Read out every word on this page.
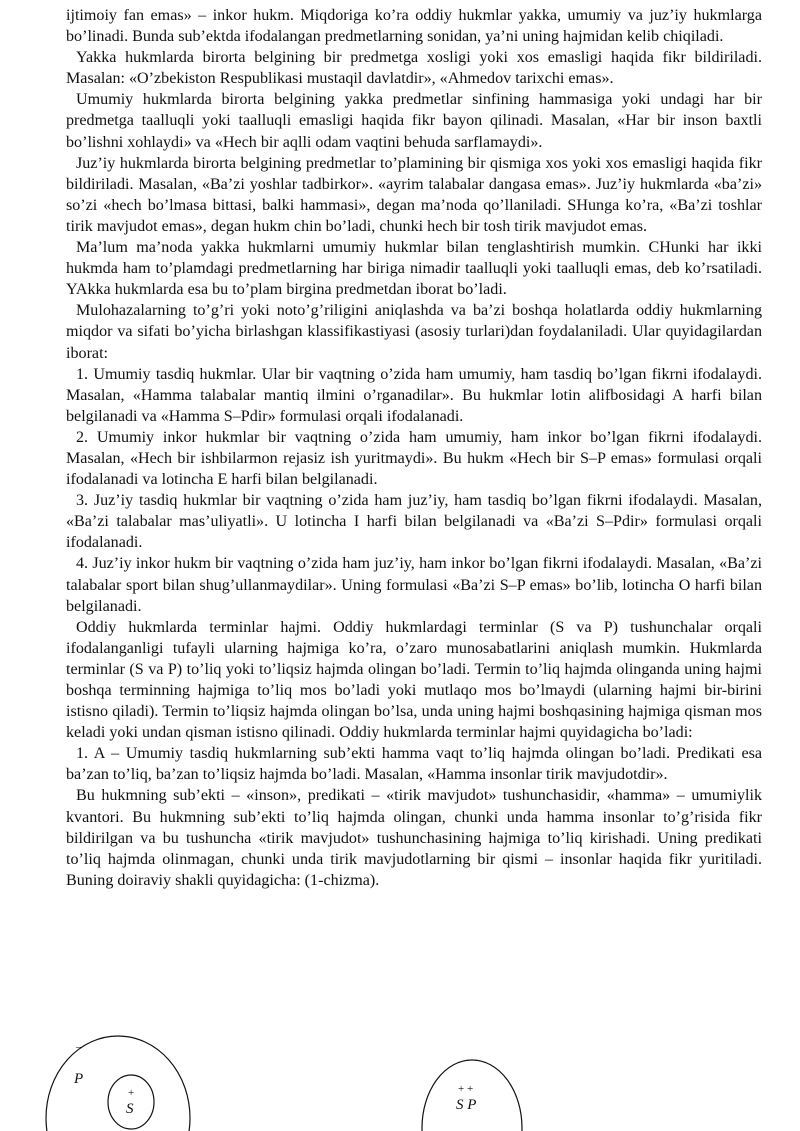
ijtimoiy fan emas» – inkor hukm. Miqdoriga ko’ra oddiy hukmlar yakka, umumiy va juz’iy hukmlarga bo’linadi. Bunda sub’ektda ifodalangan predmetlarning sonidan, ya’ni uning hajmidan kelib chiqiladi.

Yakka hukmlarda birorta belgining bir predmetga xosligi yoki xos emasligi haqida fikr bildiriladi. Masalan: «O’zbekiston Respublikasi mustaqil davlatdir», «Ahmedov tarixchi emas».

Umumiy hukmlarda birorta belgining yakka predmetlar sinfining hammasiga yoki undagi har bir predmetga taalluqli yoki taalluqli emasligi haqida fikr bayon qilinadi. Masalan, «Har bir inson baxtli bo’lishni xohlaydi» va «Hech bir aqlli odam vaqtini behuda sarflamaydi».

Juz’iy hukmlarda birorta belgining predmetlar to’plamining bir qismiga xos yoki xos emasligi haqida fikr bildiriladi. Masalan, «Ba’zi yoshlar tadbirkor». «ayrim talabalar dangasa emas». Juz’iy hukmlarda «ba’zi» so’zi «hech bo’lmasa bittasi, balki hammasi», degan ma’noda qo’llaniladi. SHunga ko’ra, «Ba’zi toshlar tirik mavjudot emas», degan hukm chin bo’ladi, chunki hech bir tosh tirik mavjudot emas.

Ma’lum ma’noda yakka hukmlarni umumiy hukmlar bilan tenglashtirish mumkin. CHunki har ikki hukmda ham to’plamdagi predmetlarning har biriga nimadir taalluqli yoki taalluqli emas, deb ko’rsatiladi. YAkka hukmlarda esa bu to’plam birgina predmetdan iborat bo’ladi.

Mulohazalarning to’g’ri yoki noto’g’riligini aniqlashda va ba’zi boshqa holatlarda oddiy hukmlarning miqdor va sifati bo’yicha birlashgan klassifikastiyasi (asosiy turlari)dan foydalaniladi. Ular quyidagilardan iborat:

1. Umumiy tasdiq hukmlar. Ular bir vaqtning o’zida ham umumiy, ham tasdiq bo’lgan fikrni ifodalaydi. Masalan, «Hamma talabalar mantiq ilmini o’rganadilar». Bu hukmlar lotin alifbosidagi A harfi bilan belgilanadi va «Hamma S–Pdir» formulasi orqali ifodalanadi.

2. Umumiy inkor hukmlar bir vaqtning o’zida ham umumiy, ham inkor bo’lgan fikrni ifodalaydi. Masalan, «Hech bir ishbilarmon rejasiz ish yuritmaydi». Bu hukm «Hech bir S–P emas» formulasi orqali ifodalanadi va lotincha E harfi bilan belgilanadi.

3. Juz’iy tasdiq hukmlar bir vaqtning o’zida ham juz’iy, ham tasdiq bo’lgan fikrni ifodalaydi. Masalan, «Ba’zi talabalar mas’uliyatli». U lotincha I harfi bilan belgilanadi va «Ba’zi S–Pdir» formulasi orqali ifodalanadi.

4. Juz’iy inkor hukm bir vaqtning o’zida ham juz’iy, ham inkor bo’lgan fikrni ifodalaydi. Masalan, «Ba’zi talabalar sport bilan shug’ullanmaydilar». Uning formulasi «Ba’zi S–P emas» bo’lib, lotincha O harfi bilan belgilanadi.

Oddiy hukmlarda terminlar hajmi. Oddiy hukmlardagi terminlar (S va P) tushunchalar orqali ifodalanganligi tufayli ularning hajmiga ko’ra, o’zaro munosabatlarini aniqlash mumkin. Hukmlarda terminlar (S va P) to’liq yoki to’liqsiz hajmda olingan bo’ladi. Termin to’liq hajmda olinganda uning hajmi boshqa terminning hajmiga to’liq mos bo’ladi yoki mutlaqo mos bo’lmaydi (ularning hajmi bir-birini istisno qiladi). Termin to’liqsiz hajmda olingan bo’lsa, unda uning hajmi boshqasining hajmiga qisman mos keladi yoki undan qisman istisno qilinadi. Oddiy hukmlarda terminlar hajmi quyidagicha bo’ladi:

1. A – Umumiy tasdiq hukmlarning sub’ekti hamma vaqt to’liq hajmda olingan bo’ladi. Predikati esa ba’zan to’liq, ba’zan to’liqsiz hajmda bo’ladi. Masalan, «Hamma insonlar tirik mavjudotdir».

Bu hukmning sub’ekti – «inson», predikati – «tirik mavjudot» tushunchasidir, «hamma» – umumiylik kvantori. Bu hukmning sub’ekti to’liq hajmda olingan, chunki unda hamma insonlar to’g’risida fikr bildirilgan va bu tushuncha «tirik mavjudot» tushunchasining hajmiga to’liq kirishadi. Uning predikati to’liq hajmda olinmagan, chunki unda tirik mavjudotlarning bir qismi – insonlar haqida fikr yuritiladi. Buning doiraviy shakli quyidagicha: (1-chizma).

–
P
+
S
+ +
S P
